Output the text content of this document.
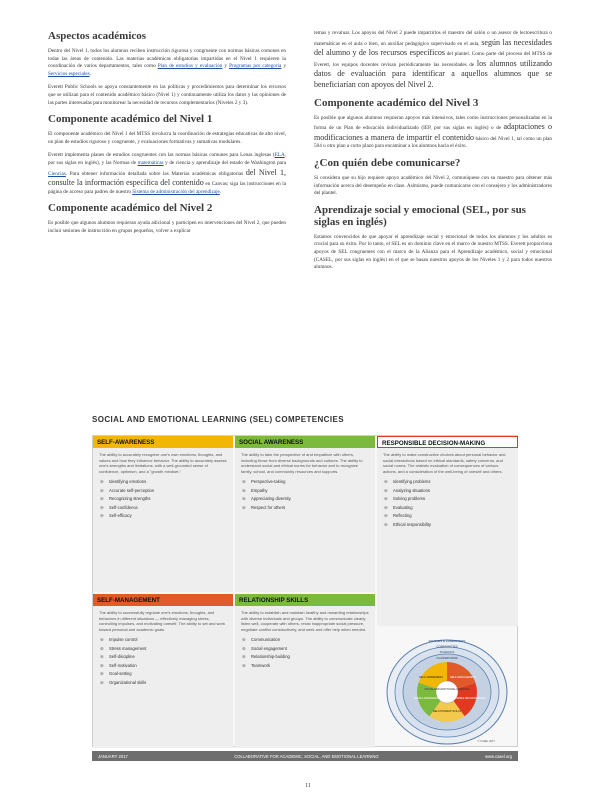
Aspectos académicos

Dentro del Nivel 1, todos los alumnos reciben instrucción rigurosa y congruente con normas básicas comunes en todas las áreas de contenido. Las materias académicas obligatorias impartidas en el Nivel 1 requieren la coordinación de varios departamentos, tales como Plan de estudios y evaluación y Programas por categoría y Servicios especiales.

Everett Public Schools se apoya constantemente en las políticas y procedimientos para determinar los recursos que se utilizan para el contenido académico básico (Nivel 1) y continuamente utiliza los datos y las opiniones de las partes interesadas para monitorear la necesidad de recursos complementarios (Niveles 2 y 3).

Componente académico del Nivel 1

El componente académico del Nivel 1 del MTSS involucra la coordinación de estrategias educativas de alto nivel, un plan de estudios riguroso y congruente, y evaluaciones formativas y sumativas modulares.

Everett implementa planes de estudios congruentes con las normas básicas comunes para Lenas inglesas (ELA, por sus siglas en inglés), y las Normas de matemáticas y de ciencia y aprendizaje del estado de Washington para Ciencias. Para obtener información detallada sobre las Materias académicas obligatorias del Nivel 1, consulte la información específica del contenido en Canvas; siga las instrucciones en la página de acceso para padres de nuestro Sistema de administración del aprendizaje.

Componente académico del Nivel 2

Es posible que algunos alumnos requieran ayuda adicional y participen en intervenciones del Nivel 2, que pueden incluir sesiones de instrucción en grupos pequeños, volver a explicar

temas y revaluar. Los apoyos del Nivel 2 puede impartirlos el maestro del salón o un asesor de lectoescritura o matemáticas en el aula o bien, un auxiliar pedagógico supervisado en el aula, según las necesidades del alumno y de los recursos específicos del plantel. Como parte del proceso del MTSS de Everett, los equipos docentes revisan periódicamente las necesidades de los alumnos utilizando datos de evaluación para identificar a aquellos alumnos que se beneficiarían con apoyos del Nivel 2.

Componente académico del Nivel 3

Es posible que algunos alumnos requieran apoyos más intensivos, tales como instrucciones personalizadas en la forma de un Plan de educación individualizado (IEP, por sus siglas en inglés) o de adaptaciones o modificaciones a manera de impartir el contenido básico del Nivel 1, tal como un plan 504 u otro plan a corto plazo para encaminar a los alumnos hacia el éxito.

¿Con quién debe comunicarse?

Si considera que su hijo requiere apoyo académico del Nivel 2, comuníquese con su maestro para obtener más información acerca del desempeño en clase. Asimismo, puede comunicarse con el consejero y los administradores del plantel.

Aprendizaje social y emocional (SEL, por sus siglas en inglés)

Estamos convencidos de que apoyar el aprendizaje social y emocional de todos los alumnos y los adultos es crucial para su éxito. Por lo tanto, el SEL es un dominio clave en el marco de nuestro MTSS. Everett proporciona apoyos de SEL congruentes con el marco de la Alianza para el Aprendizaje académico, social y emocional (CASEL, por sus siglas en inglés) en el que se basan nuestros apoyos de los Niveles 1 y 2 para todos nuestros alumnos.

SOCIAL AND EMOTIONAL LEARNING (SEL) COMPETENCIES
SELF-AWARENESS
The ability to accurately recognize one's own emotions, thoughts, and values and how they influence behavior. The ability to accurately assess one's strengths and limitations, with a well-grounded sense of confidence, optimism, and a "growth mindset."
⊕ Identifying emotions
⊕ Accurate self-perception
⊕ Recognizing strengths
⊕ Self-confidence
⊕ Self-efficacy
SOCIAL AWARENESS
The ability to take the perspective of and empathize with others, including those from diverse backgrounds and cultures. The ability to understand social and ethical norms for behavior and to recognize family, school, and community resources and supports.
⊕ Perspective-taking
⊕ Empathy
⊕ Appreciating diversity
⊕ Respect for others
RESPONSIBLE DECISION-MAKING
The ability to make constructive choices about personal behavior and social interactions based on ethical standards, safety concerns, and social norms. The realistic evaluation of consequences of various actions, and a consideration of the well-being of oneself and others.
⊕ Identifying problems
⊕ Analyzing situations
⊕ Solving problems
⊕ Evaluating
⊕ Reflecting
⊕ Ethical responsibility
SELF-MANAGEMENT
The ability to successfully regulate one's emotions, thoughts, and behaviors in different situations — effectively managing stress, controlling impulses, and motivating oneself. The ability to set and work toward personal and academic goals.
⊕ Impulse control
⊕ Stress management
⊕ Self-discipline
⊕ Self-motivation
⊕ Goal-setting
⊕ Organizational skills
RELATIONSHIP SKILLS
The ability to establish and maintain healthy and rewarding relationships with diverse individuals and groups. The ability to communicate clearly, listen well, cooperate with others, resist inappropriate social pressure, negotiate conflict constructively, and seek and offer help when needed.
⊕ Communication
⊕ Social engagement
⊕ Relationship-building
⊕ Teamwork
SOCIAL AND EMOTIONAL LEARNING
FAMILIES & CAREGIVERS
COMMUNITIES
SCHOOLS
CLASSROOMS
SELF-AWARENESS	SELF-MANAGEMENT
RESPONSIBLE DECISION-MAKING
RELATIONSHIP SKILLS
SOCIAL AWARENESS
© CASEL 2017
JANUARY 2017	COLLABORATIVE FOR ACADEMIC, SOCIAL, AND EMOTIONAL LEARNING	www.casel.org
11
